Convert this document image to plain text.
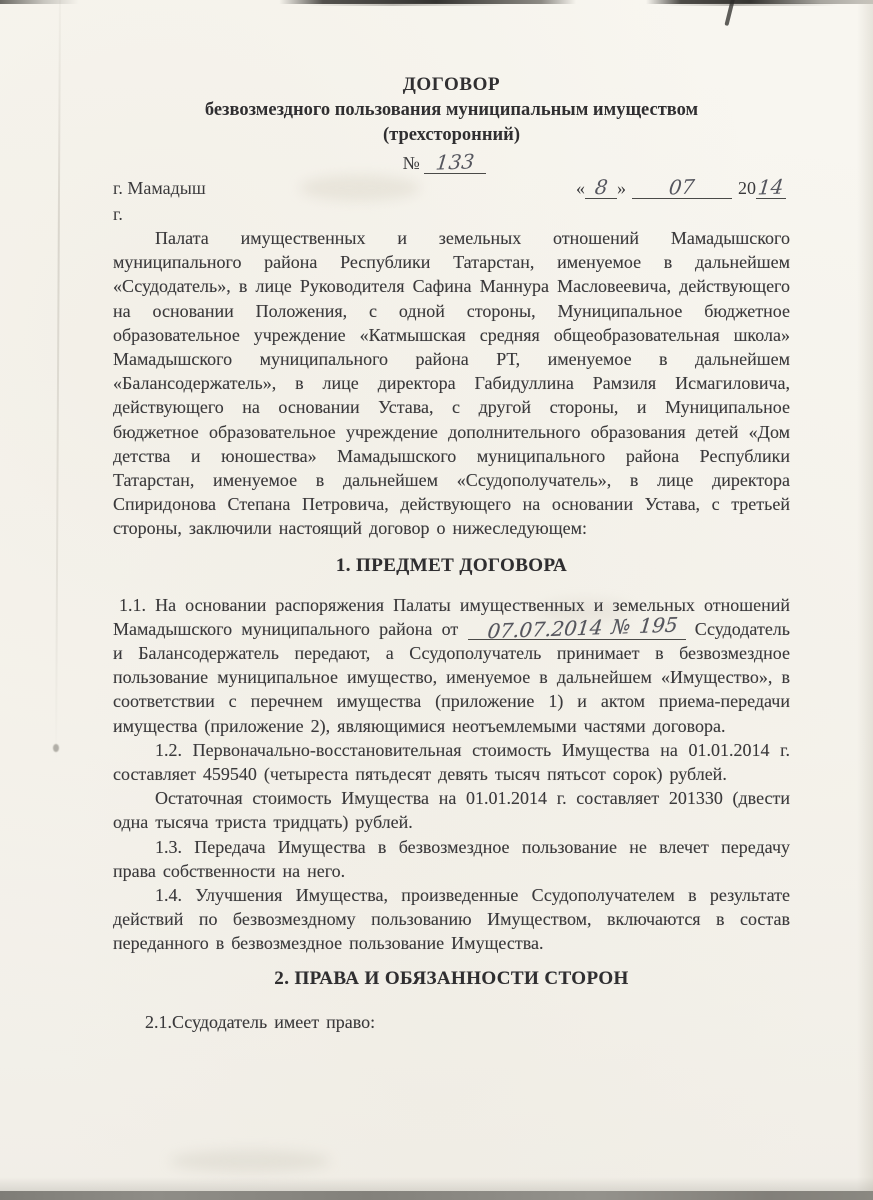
ДОГОВОР
безвозмездного пользования муниципальным имуществом
(трехсторонний)
№ 133
г. Мамадыш	« 8 » 07 2014
г.

Палата имущественных и земельных отношений Мамадышского муниципального района Республики Татарстан, именуемое в дальнейшем «Ссудодатель», в лице Руководителя Сафина Маннура Масловеевича, действующего на основании Положения, с одной стороны, Муниципальное бюджетное образовательное учреждение «Катмышская средняя общеобразовательная школа» Мамадышского муниципального района РТ, именуемое в дальнейшем «Балансодержатель», в лице директора Габидуллина Рамзиля Исмагиловича, действующего на основании Устава, с другой стороны, и Муниципальное бюджетное образовательное учреждение дополнительного образования детей «Дом детства и юношества» Мамадышского муниципального района Республики Татарстан, именуемое в дальнейшем «Ссудополучатель», в лице директора Спиридонова Степана Петровича, действующего на основании Устава, с третьей стороны, заключили настоящий договор о нижеследующем:

1. ПРЕДМЕТ ДОГОВОРА

1.1. На основании распоряжения Палаты имущественных и земельных отношений Мамадышского муниципального района от 07.07.2014 № 195 Ссудодатель и Балансодержатель передают, а Ссудополучатель принимает в безвозмездное пользование муниципальное имущество, именуемое в дальнейшем «Имущество», в соответствии с перечнем имущества (приложение 1) и актом приема-передачи имущества (приложение 2), являющимися неотъемлемыми частями договора.

1.2. Первоначально-восстановительная стоимость Имущества на 01.01.2014 г. составляет 459540 (четыреста пятьдесят девять тысяч пятьсот сорок) рублей.

Остаточная стоимость Имущества на 01.01.2014 г. составляет 201330 (двести одна тысяча триста тридцать) рублей.

1.3. Передача Имущества в безвозмездное пользование не влечет передачу права собственности на него.

1.4. Улучшения Имущества, произведенные Ссудополучателем в результате действий по безвозмездному пользованию Имуществом, включаются в состав переданного в безвозмездное пользование Имущества.

2. ПРАВА И ОБЯЗАННОСТИ СТОРОН

2.1.Ссудодатель имеет право:
